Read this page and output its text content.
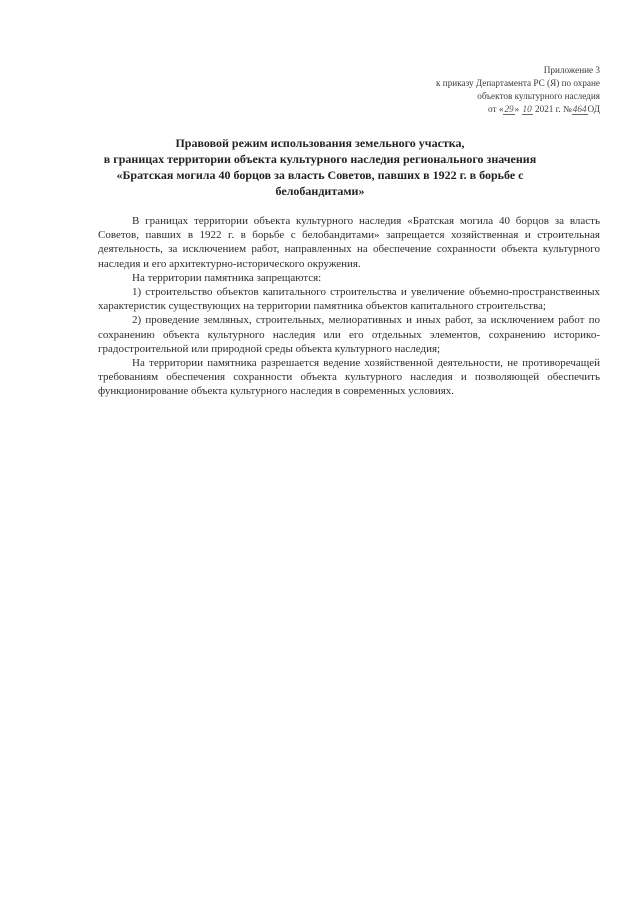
Приложение 3
к приказу Департамента РС (Я) по охране
объектов культурного наследия
от «29» 10 2021 г. №464ОД
Правовой режим использования земельного участка,
в границах территории объекта культурного наследия регионального значения
«Братская могила 40 борцов за власть Советов, павших в 1922 г. в борьбе с
белобандитами»

В границах территории объекта культурного наследия «Братская могила 40 борцов за власть Советов, павших в 1922 г. в борьбе с белобандитами» запрещается хозяйственная и строительная деятельность, за исключением работ, направленных на обеспечение сохранности объекта культурного наследия и его архитектурно-исторического окружения.

На территории памятника запрещаются:

1) строительство объектов капитального строительства и увеличение объемно-пространственных характеристик существующих на территории памятника объектов капитального строительства;

2) проведение земляных, строительных, мелиоративных и иных работ, за исключением работ по сохранению объекта культурного наследия или его отдельных элементов, сохранению историко-градостроительной или природной среды объекта культурного наследия;

На территории памятника разрешается ведение хозяйственной деятельности, не противоречащей требованиям обеспечения сохранности объекта культурного наследия и позволяющей обеспечить функционирование объекта культурного наследия в современных условиях.
